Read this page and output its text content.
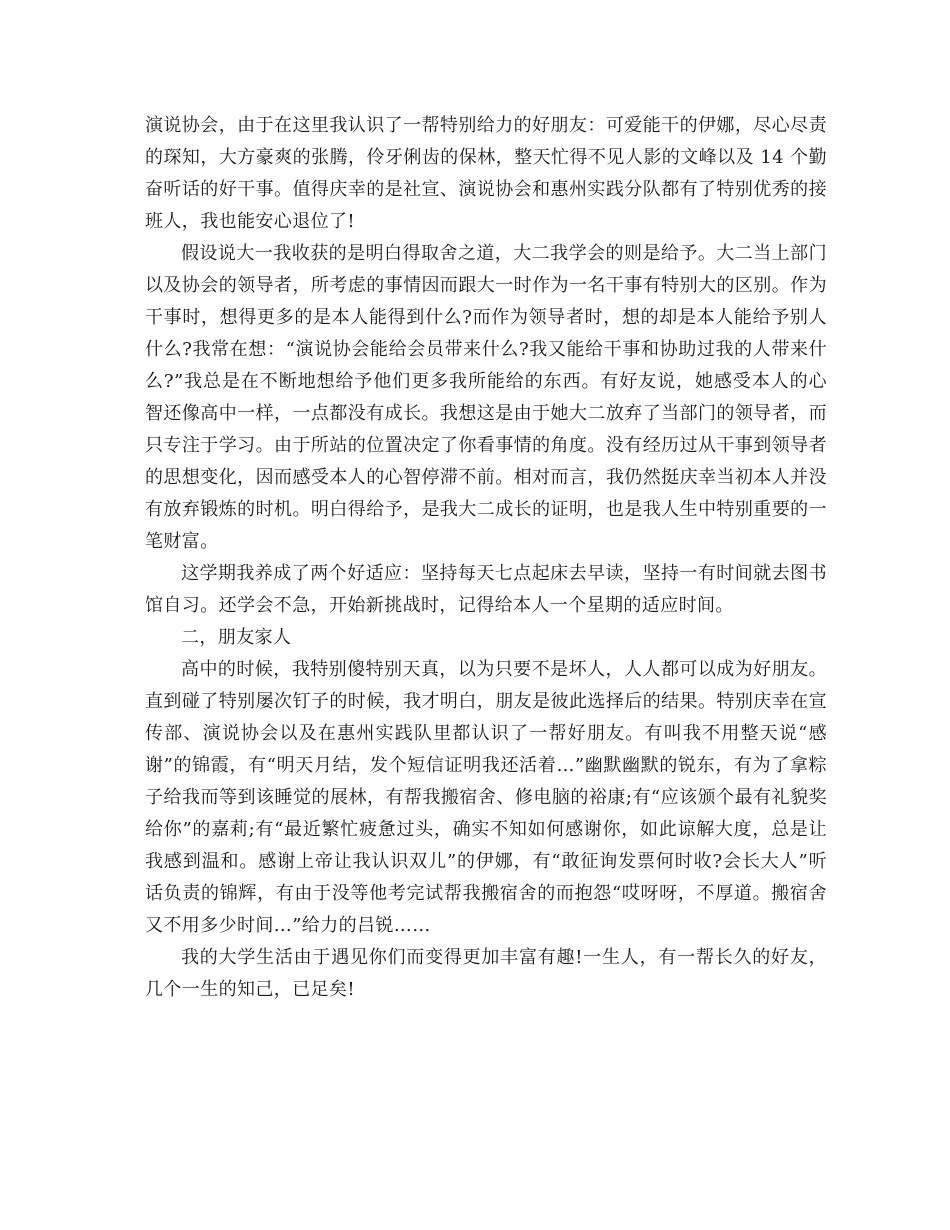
演说协会，由于在这里我认识了一帮特别给力的好朋友：可爱能干的伊娜，尽心尽责的琛知，大方豪爽的张腾，伶牙俐齿的保林，整天忙得不见人影的文峰以及 14 个勤奋听话的好干事。值得庆幸的是社宣、演说协会和惠州实践分队都有了特别优秀的接班人，我也能安心退位了!

假设说大一我收获的是明白得取舍之道，大二我学会的则是给予。大二当上部门以及协会的领导者，所考虑的事情因而跟大一时作为一名干事有特别大的区别。作为干事时，想得更多的是本人能得到什么?而作为领导者时，想的却是本人能给予别人什么?我常在想：“演说协会能给会员带来什么?我又能给干事和协助过我的人带来什么?”我总是在不断地想给予他们更多我所能给的东西。有好友说，她感受本人的心智还像高中一样，一点都没有成长。我想这是由于她大二放弃了当部门的领导者，而只专注于学习。由于所站的位置决定了你看事情的角度。没有经历过从干事到领导者的思想变化，因而感受本人的心智停滞不前。相对而言，我仍然挺庆幸当初本人并没有放弃锻炼的时机。明白得给予，是我大二成长的证明，也是我人生中特别重要的一笔财富。

这学期我养成了两个好适应：坚持每天七点起床去早读，坚持一有时间就去图书馆自习。还学会不急，开始新挑战时，记得给本人一个星期的适应时间。

二，朋友家人

高中的时候，我特别傻特别天真，以为只要不是坏人，人人都可以成为好朋友。直到碰了特别屡次钉子的时候，我才明白，朋友是彼此选择后的结果。特别庆幸在宣传部、演说协会以及在惠州实践队里都认识了一帮好朋友。有叫我不用整天说“感谢”的锦霞，有“明天月结，发个短信证明我还活着…”幽默幽默的锐东，有为了拿粽子给我而等到该睡觉的展林，有帮我搬宿舍、修电脑的裕康;有“应该颁个最有礼貌奖给你”的嘉莉;有“最近繁忙疲惫过头，确实不知如何感谢你，如此谅解大度，总是让我感到温和。感谢上帝让我认识双儿”的伊娜，有“敢征询发票何时收?会长大人”听话负责的锦辉，有由于没等他考完试帮我搬宿舍的而抱怨“哎呀呀，不厚道。搬宿舍又不用多少时间…”给力的吕锐……

我的大学生活由于遇见你们而变得更加丰富有趣!一生人，有一帮长久的好友，几个一生的知己，已足矣!
